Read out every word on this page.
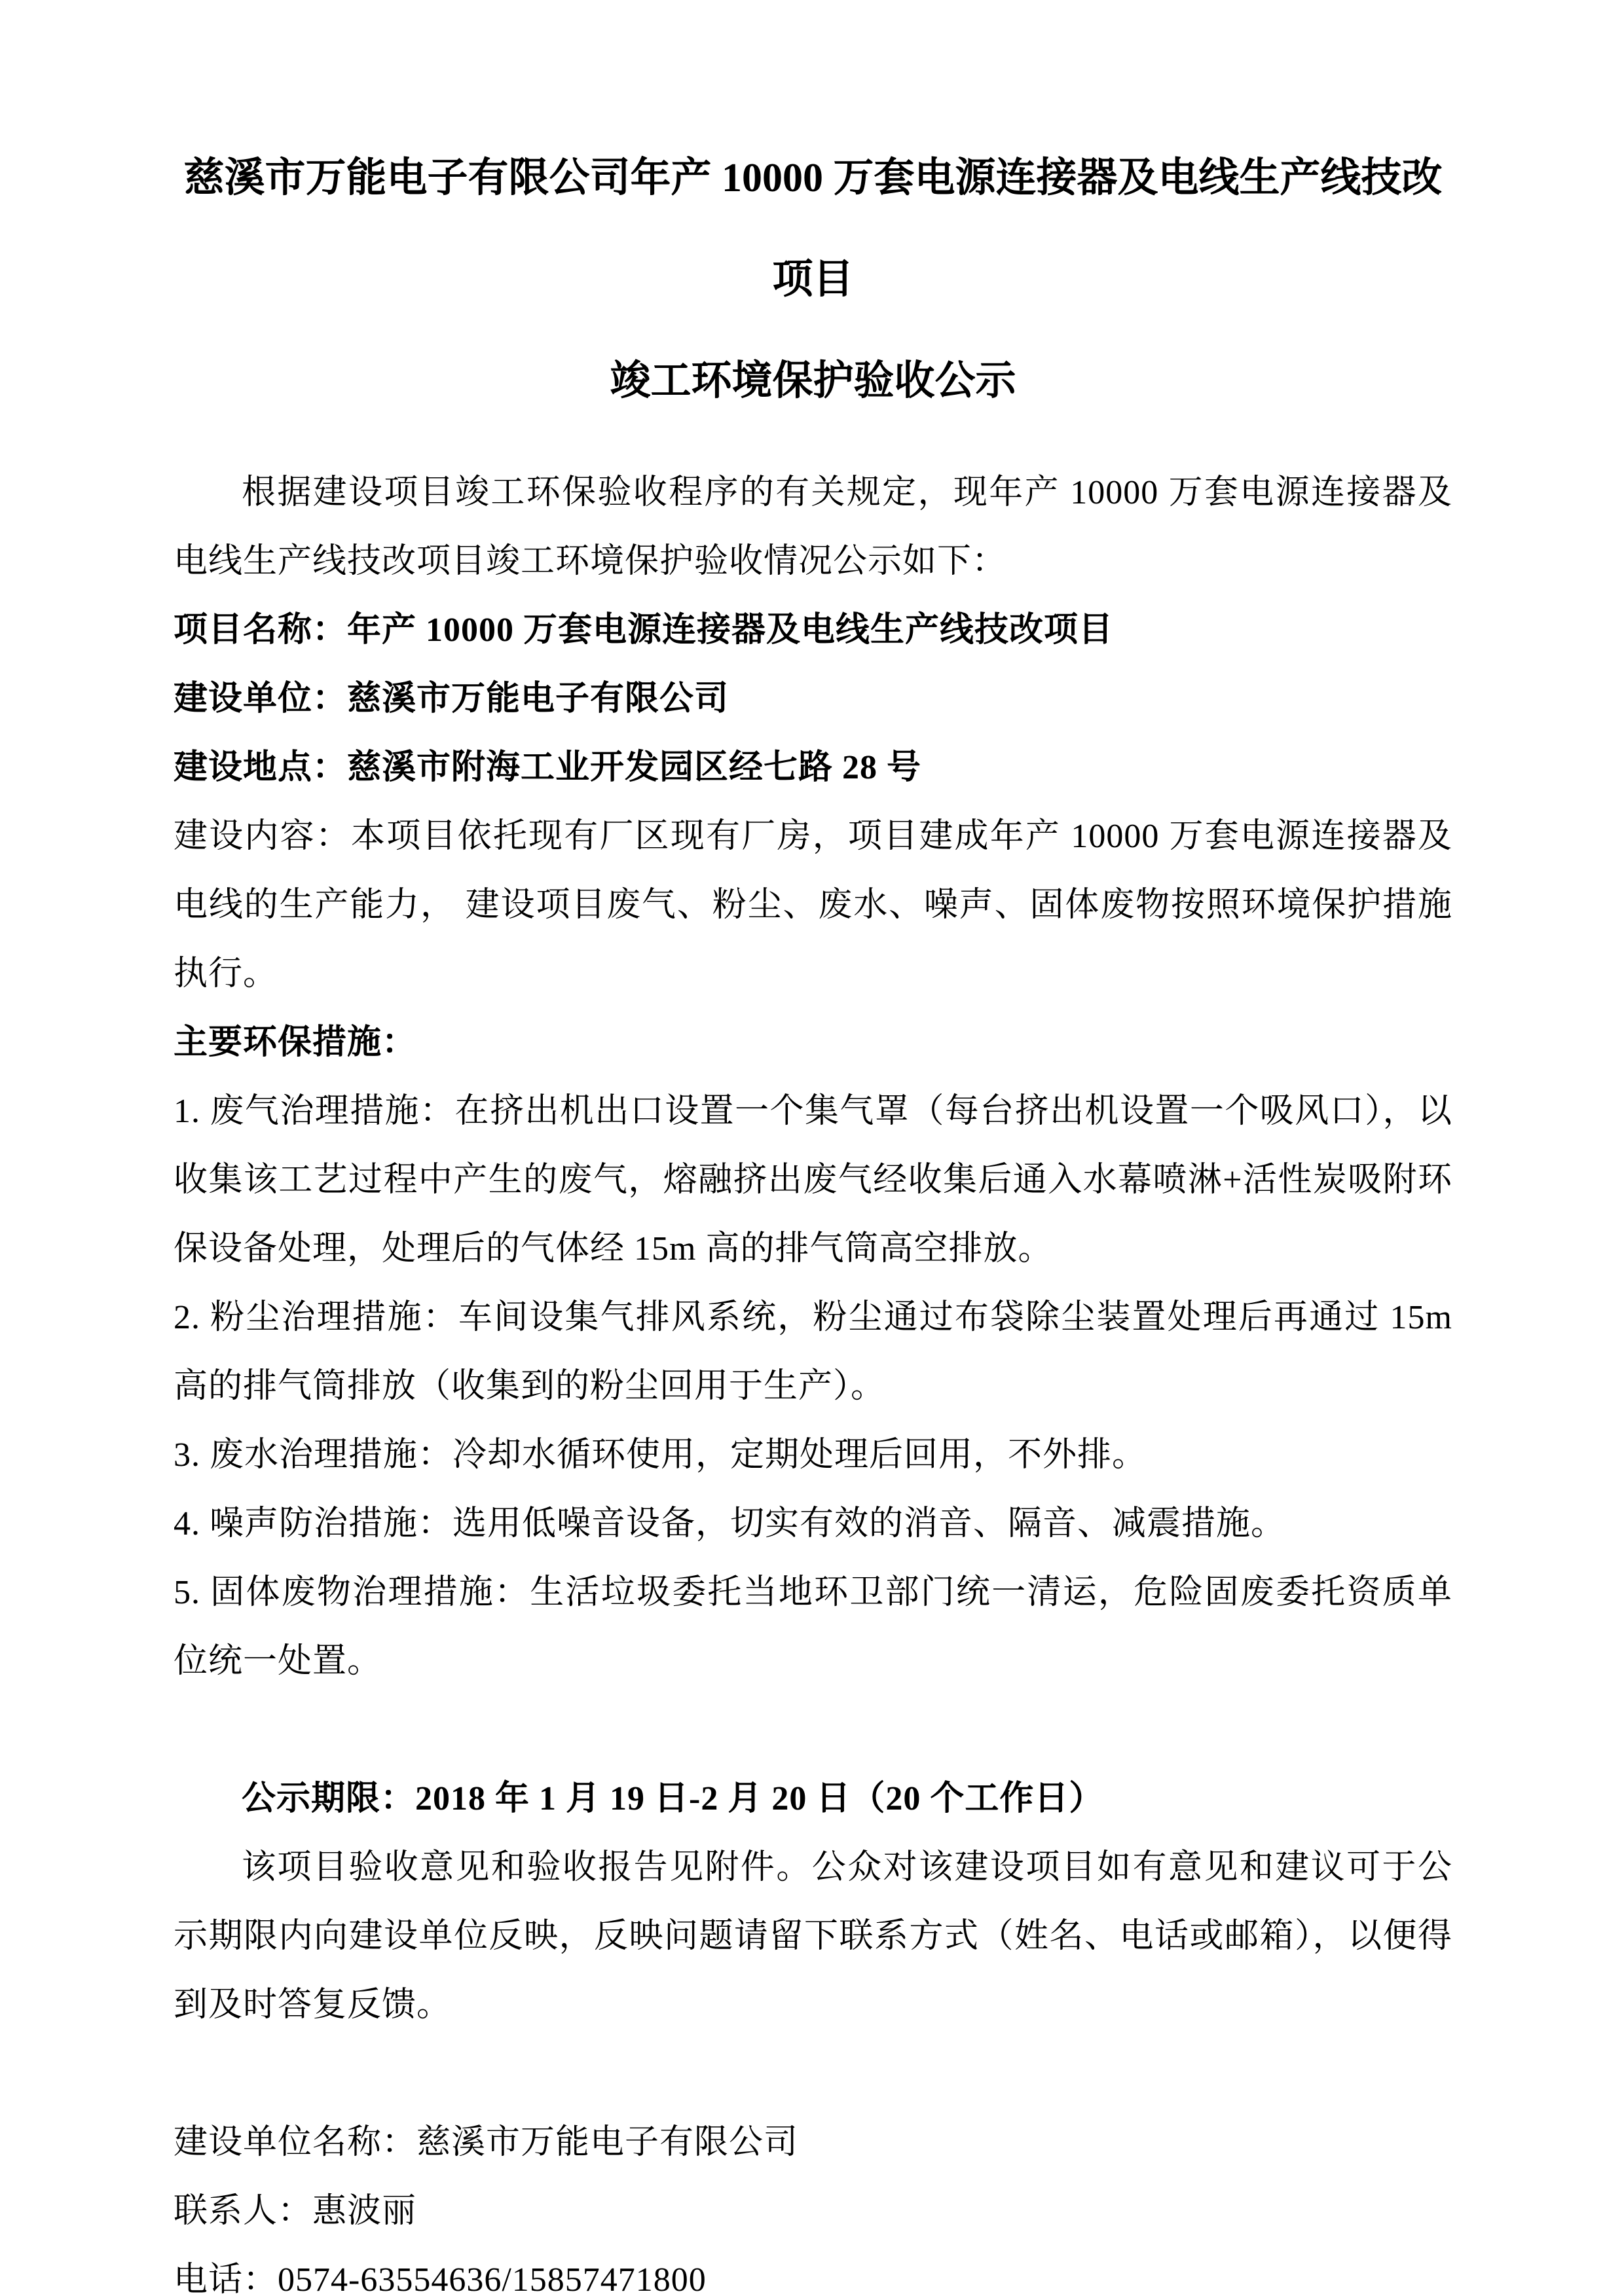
慈溪市万能电子有限公司年产 10000 万套电源连接器及电线生产线技改项目
竣工环境保护验收公示

根据建设项目竣工环保验收程序的有关规定，现年产 10000 万套电源连接器及电线生产线技改项目竣工环境保护验收情况公示如下：

项目名称：年产 10000 万套电源连接器及电线生产线技改项目

建设单位：慈溪市万能电子有限公司

建设地点：慈溪市附海工业开发园区经七路 28 号

建设内容：本项目依托现有厂区现有厂房，项目建成年产 10000 万套电源连接器及电线的生产能力， 建设项目废气、粉尘、废水、噪声、固体废物按照环境保护措施执行。

主要环保措施：

1. 废气治理措施：在挤出机出口设置一个集气罩（每台挤出机设置一个吸风口），以收集该工艺过程中产生的废气，熔融挤出废气经收集后通入水幕喷淋+活性炭吸附环保设备处理，处理后的气体经 15m 高的排气筒高空排放。

2. 粉尘治理措施：车间设集气排风系统，粉尘通过布袋除尘装置处理后再通过 15m 高的排气筒排放（收集到的粉尘回用于生产）。

3. 废水治理措施：冷却水循环使用，定期处理后回用，不外排。

4. 噪声防治措施：选用低噪音设备，切实有效的消音、隔音、减震措施。

5. 固体废物治理措施：生活垃圾委托当地环卫部门统一清运，危险固废委托资质单位统一处置。

公示期限：2018 年 1 月 19 日-2 月 20 日（20 个工作日）

该项目验收意见和验收报告见附件。公众对该建设项目如有意见和建议可于公示期限内向建设单位反映，反映问题请留下联系方式（姓名、电话或邮箱），以便得到及时答复反馈。

建设单位名称：慈溪市万能电子有限公司

联系人：惠波丽

电话：0574-63554636/15857471800
